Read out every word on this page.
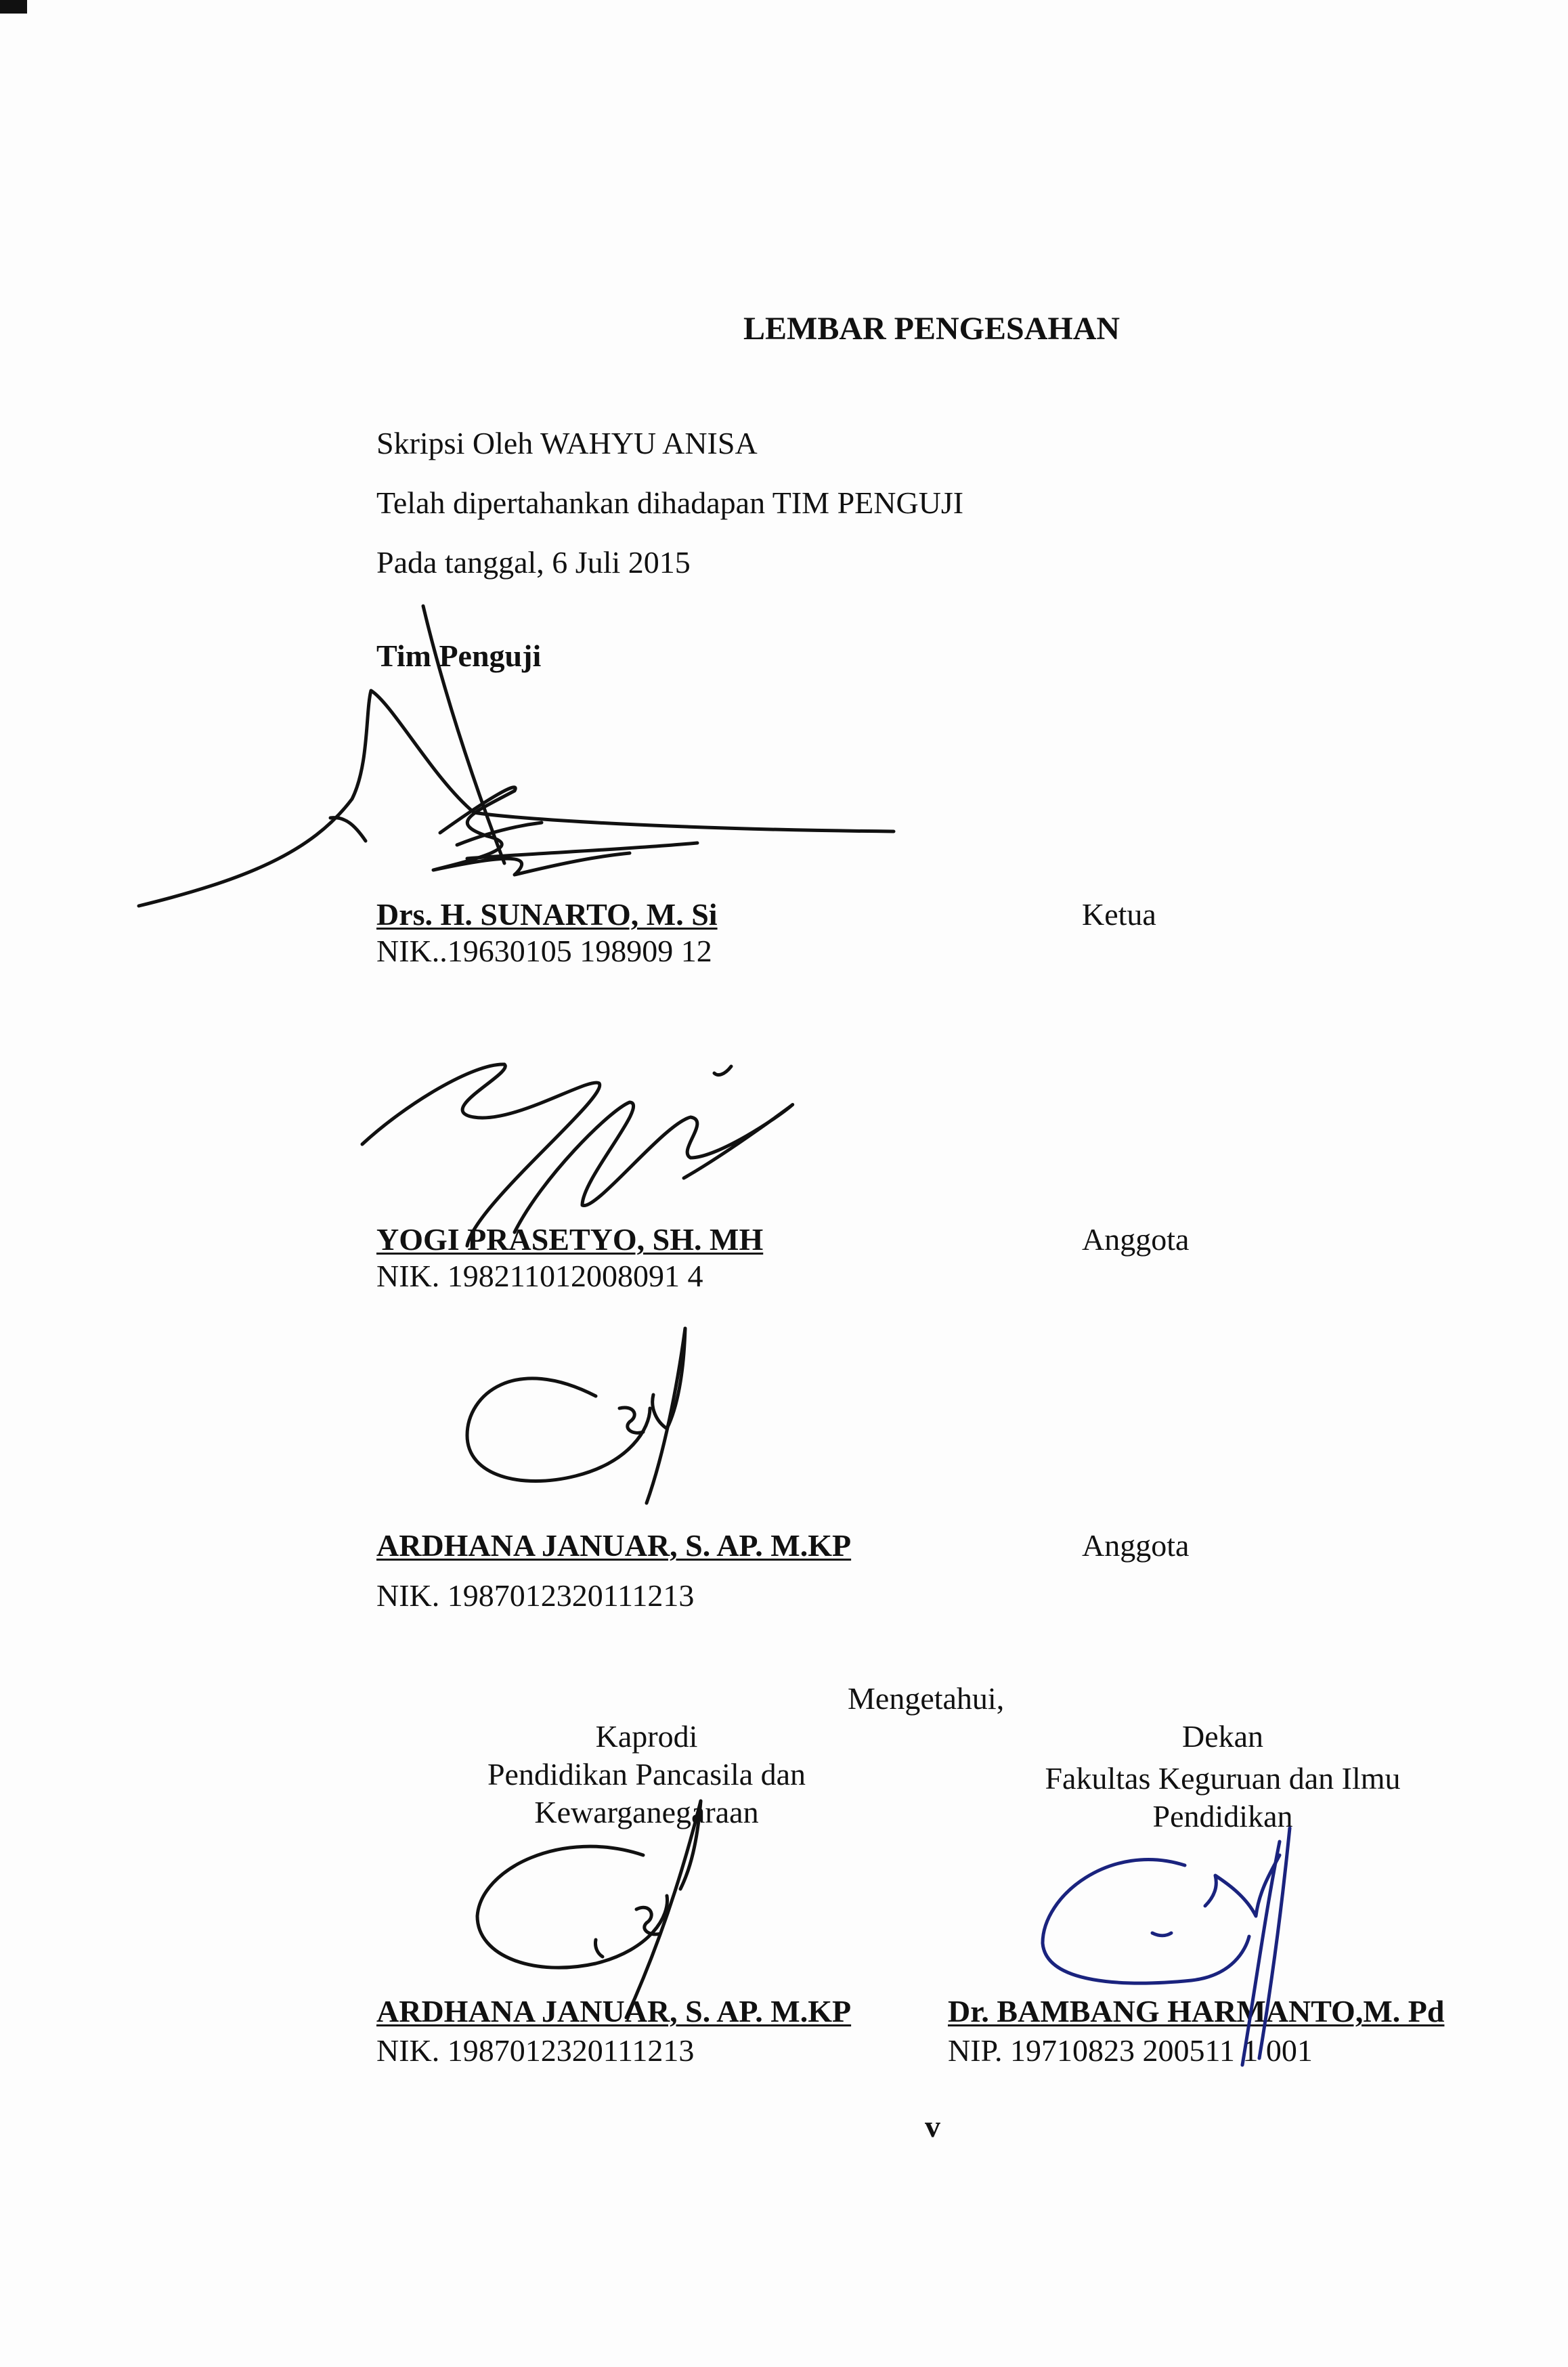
LEMBAR PENGESAHAN
Skripsi Oleh WAHYU ANISA
Telah dipertahankan dihadapan TIM PENGUJI
Pada tanggal, 6 Juli 2015
Tim Penguji
Drs. H. SUNARTO, M. Si
NIK..19630105 198909 12
Ketua
YOGI PRASETYO, SH. MH
NIK. 198211012008091 4
Anggota
ARDHANA JANUAR, S. AP. M.KP
NIK. 1987012320111213
Anggota
Mengetahui,
Kaprodi
Pendidikan Pancasila dan
Kewarganegaraan
ARDHANA JANUAR, S. AP. M.KP
NIK. 1987012320111213
Dekan
Fakultas Keguruan dan Ilmu
Pendidikan
Dr. BAMBANG HARMANTO,M. Pd
NIP. 19710823 200511 1 001
v
